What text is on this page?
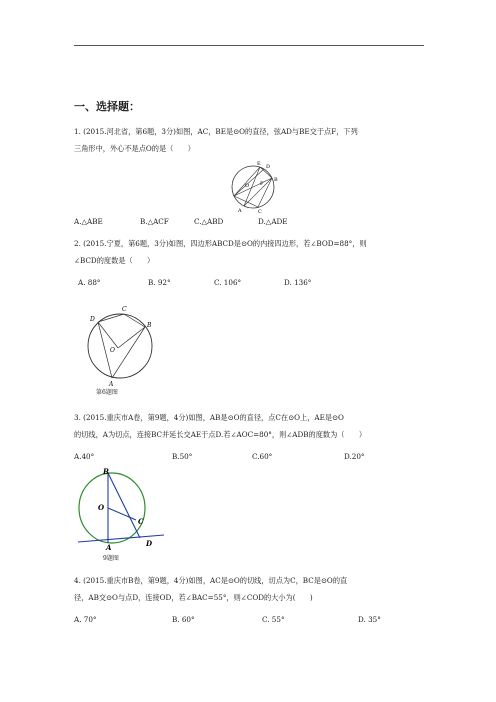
一、选择题：
1. (2015.河北省，第6题，3分)如图，AC，BE是⊙O的直径，弦AD与BE交于点F，下列
三角形中，外心不是点O的是（　　）
E D
O F
B
A	C
A.△ABE	B.△ACF	C.△ABD	D.△ADE
2. (2015.宁夏，第6题，3分)如图，四边形ABCD是⊙O的内接四边形，若∠BOD=88°，则
∠BCD的度数是（　　）
A. 88°	B. 92°	C. 106°	D. 136°
C
D
B
O
A
第6题图
3. (2015.重庆市A卷，第9题，4分)如图，AB是⊙O的直径，点C在⊙O上，AE是⊙O
的切线，A为切点，连接BC并延长交AE于点D.若∠AOC=80°，则∠ADB的度数为（　　）
A.40°	B.50°	C.60°	D.20°
B
O
C
A	D
9题图
4. (2015.重庆市B卷，第9题，4分)如图，AC是⊙O的切线，切点为C，BC是⊙O的直
径，AB交⊙O与点D，连接OD，若∠BAC=55°，则∠COD的大小为(　　)
A. 70°	B. 60°	C. 55°	D. 35°
